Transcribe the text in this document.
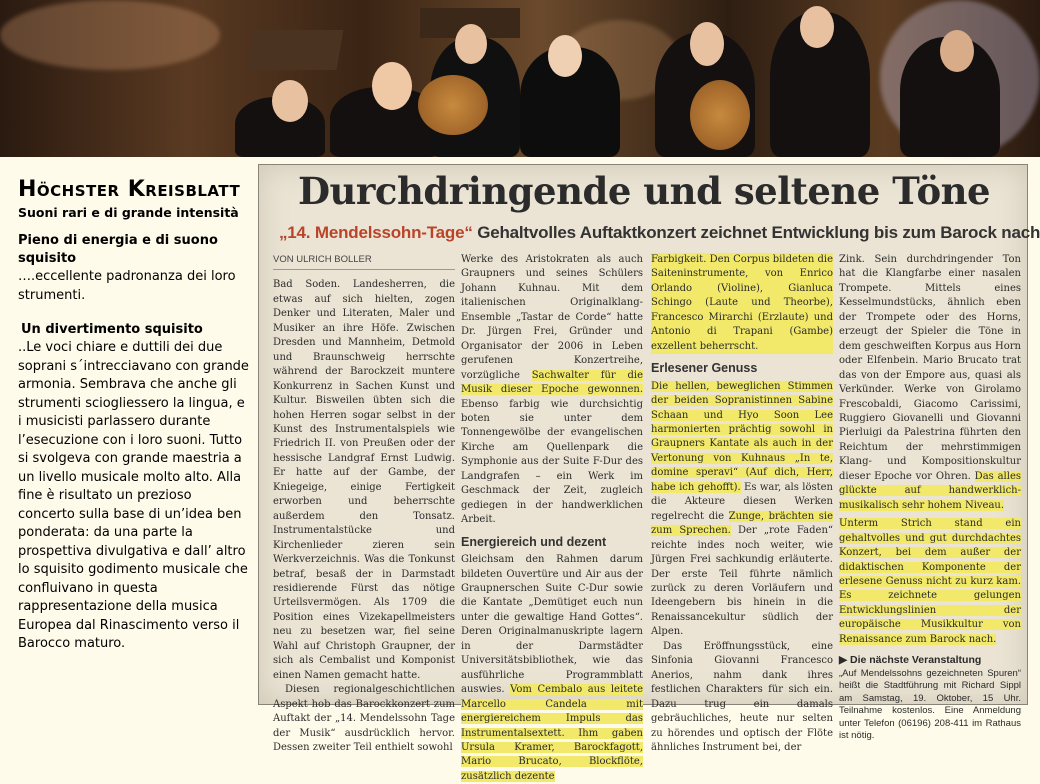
Höchster Kreisblatt
Suoni rari e di grande intensità
Pieno di energia e di suono squisito
….eccellente padronanza dei loro strumenti.
Un divertimento squisito
..Le voci chiare e duttili dei due soprani s´intrecciavano con grande armonia. Sembrava che anche gli strumenti sciogliessero la lingua, e i musicisti parlassero durante l’esecuzione con i loro suoni. Tutto si svolgeva con grande maestria a un livello musicale molto alto. Alla fine è risultato un prezioso concerto sulla base di un’idea ben ponderata: da una parte la prospettiva divulgativa e dall’ altro lo squisito godimento musicale che confluivano in questa rappresentazione della musica Europea dal Rinascimento verso il Barocco maturo.
Durchdringende und seltene Töne
„14. Mendelssohn-Tage“ Gehaltvolles Auftaktkonzert zeichnet Entwicklung bis zum Barock nach

VON ULRICH BOLLER

Bad Soden. Landesherren, die etwas auf sich hielten, zogen Denker und Literaten, Maler und Musiker an ihre Höfe. Zwischen Dresden und Mannheim, Detmold und Braunschweig herrschte während der Barockzeit muntere Konkurrenz in Sachen Kunst und Kultur. Bisweilen übten sich die hohen Herren sogar selbst in der Kunst des Instrumentalspiels wie Friedrich II. von Preußen oder der hessische Landgraf Ernst Ludwig. Er hatte auf der Gambe, der Kniegeige, einige Fertigkeit erworben und beherrschte außerdem den Tonsatz. Instrumentalstücke und Kirchenlieder zieren sein Werkverzeichnis. Was die Tonkunst betraf, besaß der in Darmstadt residierende Fürst das nötige Urteilsvermögen. Als 1709 die Position eines Vizekapellmeisters neu zu besetzen war, fiel seine Wahl auf Christoph Graupner, der sich als Cembalist und Komponist einen Namen gemacht hatte.

Diesen regionalgeschichtlichen Aspekt hob das Barockkonzert zum Auftakt der „14. Mendelssohn Tage der Musik“ ausdrücklich hervor. Dessen zweiter Teil enthielt sowohl

Werke des Aristokraten als auch Graupners und seines Schülers Johann Kuhnau. Mit dem italienischen Originalklang-Ensemble „Tastar de Corde“ hatte Dr. Jürgen Frei, Gründer und Organisator der 2006 in Leben gerufenen Konzertreihe, vorzügliche Sachwalter für die Musik dieser Epoche gewonnen. Ebenso farbig wie durchsichtig boten sie unter dem Tonnengewölbe der evangelischen Kirche am Quellenpark die Symphonie aus der Suite F-Dur des Landgrafen – ein Werk im Geschmack der Zeit, zugleich gediegen in der handwerklichen Arbeit.

Energiereich und dezent

Gleichsam den Rahmen darum bildeten Ouvertüre und Air aus der Graupnerschen Suite C-Dur sowie die Kantate „Demütiget euch nun unter die gewaltige Hand Gottes“. Deren Originalmanuskripte lagern in der Darmstädter Universitätsbibliothek, wie das ausführliche Programmblatt auswies. Vom Cembalo aus leitete Marcello Candela mit energiereichem Impuls das Instrumentalsextett. Ihm gaben Ursula Kramer, Barockfagott, Mario Brucato, Blockflöte, zusätzlich dezente

Farbigkeit. Den Corpus bildeten die Saiteninstrumente, von Enrico Orlando (Violine), Gianluca Schingo (Laute und Theorbe), Francesco Mirarchi (Erzlaute) und Antonio di Trapani (Gambe) exzellent beherrscht.

Erlesener Genuss

Die hellen, beweglichen Stimmen der beiden Sopranistinnen Sabine Schaan und Hyo Soon Lee harmonierten prächtig sowohl in Graupners Kantate als auch in der Vertonung von Kuhnaus „In te, domine speravi“ (Auf dich, Herr, habe ich gehofft). Es war, als lösten die Akteure diesen Werken regelrecht die Zunge, brächten sie zum Sprechen. Der „rote Faden“ reichte indes noch weiter, wie Jürgen Frei sachkundig erläuterte. Der erste Teil führte nämlich zurück zu deren Vorläufern und Ideengebern bis hinein in die Renaissancekultur südlich der Alpen.

Das Eröffnungsstück, eine Sinfonia Giovanni Francesco Anerios, nahm dank ihres festlichen Charakters für sich ein. Dazu trug ein damals gebräuchliches, heute nur selten zu hörendes und optisch der Flöte ähnliches Instrument bei, der

Zink. Sein durchdringender Ton hat die Klangfarbe einer nasalen Trompete. Mittels eines Kesselmundstücks, ähnlich eben der Trompete oder des Horns, erzeugt der Spieler die Töne in dem geschweiften Korpus aus Horn oder Elfenbein. Mario Brucato trat das von der Empore aus, quasi als Verkünder. Werke von Girolamo Frescobaldi, Giacomo Carissimi, Ruggiero Giovanelli und Giovanni Pierluigi da Palestrina führten den Reichtum der mehrstimmigen Klang- und Kompositionskultur dieser Epoche vor Ohren. Das alles glückte auf handwerklich-musikalisch sehr hohem Niveau.

Unterm Strich stand ein gehaltvolles und gut durchdachtes Konzert, bei dem außer der didaktischen Komponente der erlesene Genuss nicht zu kurz kam. Es zeichnete gelungen Entwicklungslinien der europäische Musikkultur von Renaissance zum Barock nach.

▶ Die nächste Veranstaltung

„Auf Mendelssohns gezeichneten Spuren“ heißt die Stadtführung mit Richard Sippl am Samstag, 19. Oktober, 15 Uhr. Teilnahme kostenlos. Eine Anmeldung unter Telefon (06196) 208-411 im Rathaus ist nötig.
